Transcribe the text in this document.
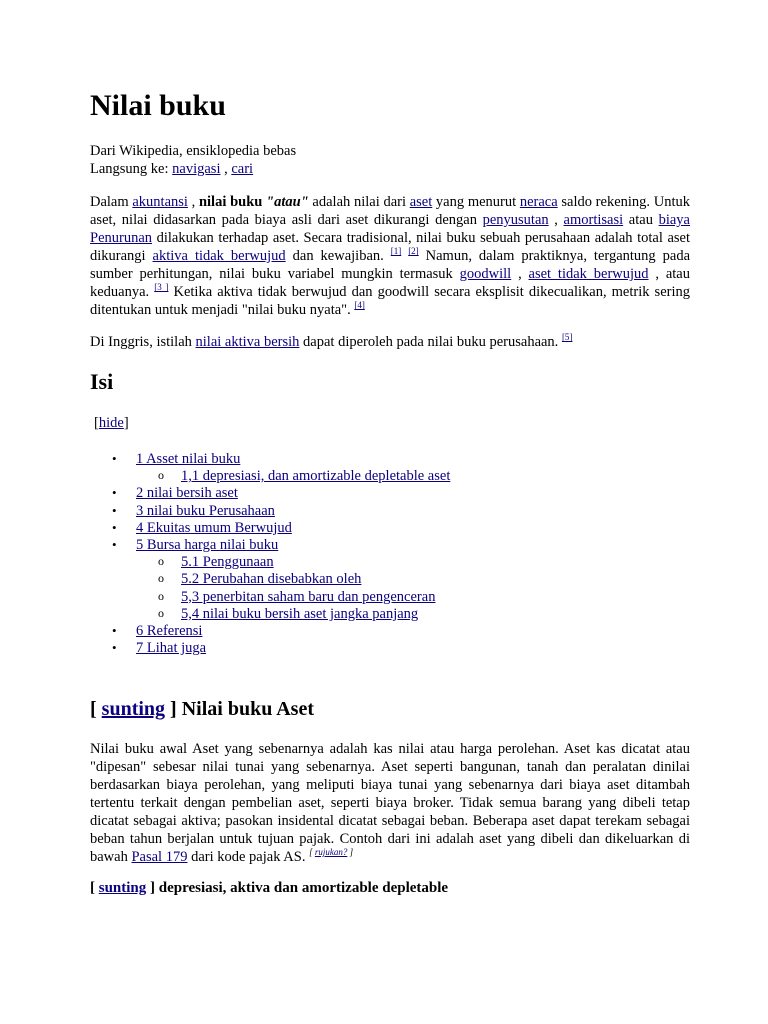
Nilai buku
Dari Wikipedia, ensiklopedia bebas
Langsung ke: navigasi , cari

Dalam akuntansi , nilai buku "atau" adalah nilai dari aset yang menurut neraca saldo rekening. Untuk aset, nilai didasarkan pada biaya asli dari aset dikurangi dengan penyusutan , amortisasi atau biaya Penurunan dilakukan terhadap aset. Secara tradisional, nilai buku sebuah perusahaan adalah total aset dikurangi aktiva tidak berwujud dan kewajiban. [1] [2] Namun, dalam praktiknya, tergantung pada sumber perhitungan, nilai buku variabel mungkin termasuk goodwill , aset tidak berwujud , atau keduanya. [3 ] Ketika aktiva tidak berwujud dan goodwill secara eksplisit dikecualikan, metrik sering ditentukan untuk menjadi "nilai buku nyata". [4]

Di Inggris, istilah nilai aktiva bersih dapat diperoleh pada nilai buku perusahaan. [5]

Isi
[hide]
• 1 Asset nilai buku
o 1,1 depresiasi, dan amortizable depletable aset
• 2 nilai bersih aset
• 3 nilai buku Perusahaan
• 4 Ekuitas umum Berwujud
• 5 Bursa harga nilai buku
o 5.1 Penggunaan
o 5.2 Perubahan disebabkan oleh
o 5,3 penerbitan saham baru dan pengenceran
o 5,4 nilai buku bersih aset jangka panjang
• 6 Referensi
• 7 Lihat juga
[ sunting ] Nilai buku Aset

Nilai buku awal Aset yang sebenarnya adalah kas nilai atau harga perolehan. Aset kas dicatat atau "dipesan" sebesar nilai tunai yang sebenarnya. Aset seperti bangunan, tanah dan peralatan dinilai berdasarkan biaya perolehan, yang meliputi biaya tunai yang sebenarnya dari biaya aset ditambah tertentu terkait dengan pembelian aset, seperti biaya broker. Tidak semua barang yang dibeli tetap dicatat sebagai aktiva; pasokan insidental dicatat sebagai beban. Beberapa aset dapat terekam sebagai beban tahun berjalan untuk tujuan pajak. Contoh dari ini adalah aset yang dibeli dan dikeluarkan di bawah Pasal 179 dari kode pajak AS. [ rujukan? ]

[ sunting ] depresiasi, aktiva dan amortizable depletable
